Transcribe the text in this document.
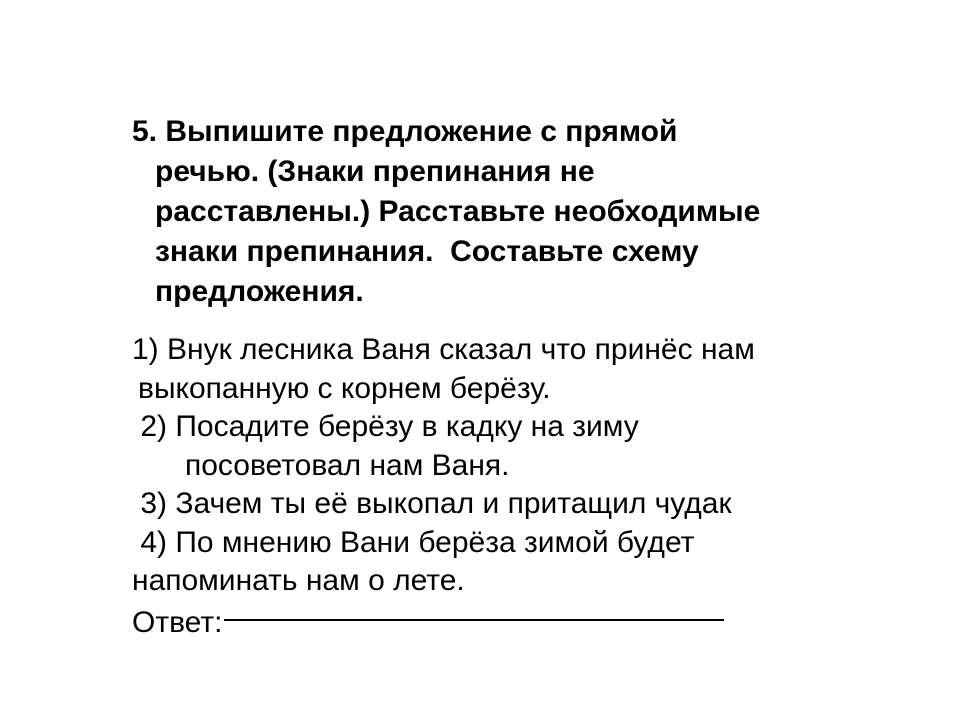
5. Выпишите предложение с прямой
речью. (Знаки препинания не
расставлены.) Расставьте необходимые
знаки препинания.  Составьте схему
предложения.
1) Внук лесника Ваня сказал что принёс нам
выкопанную с корнем берёзу.
2) Посадите берёзу в кадку на зиму
посоветовал нам Ваня.
3) Зачем ты её выкопал и притащил чудак
4) По мнению Вани берёза зимой будет
напоминать нам о лете.
Ответ:
